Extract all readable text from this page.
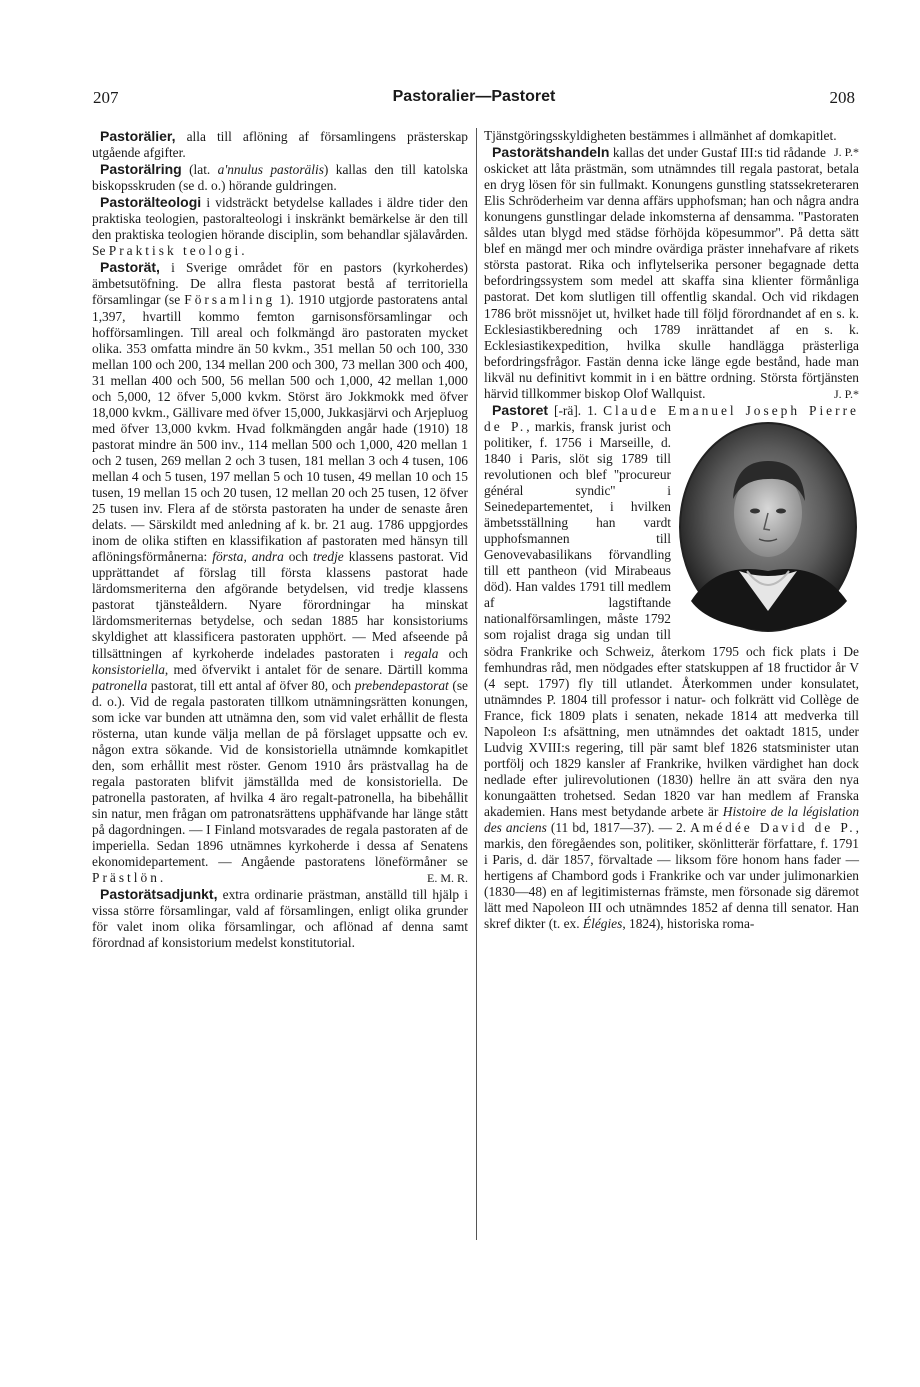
207	Pastoralier—Pastoret	208

Pastorälier, alla till aflöning af församlingens prästerskap utgående afgifter.

Pastorälring (lat. a'nnulus pastorälis) kallas den till katolska biskopsskruden (se d. o.) hörande guldringen.

Pastorälteologi i vidsträckt betydelse kallades i äldre tider den praktiska teologien, pastoralteologi i inskränkt bemärkelse är den till den praktiska teologien hörande disciplin, som behandlar själavården. Se Praktisk teologi.

Pastorät, i Sverige området för en pastors (kyrkoherdes) ämbetsutöfning. De allra flesta pastorat bestå af territoriella församlingar (se Församling 1). 1910 utgjorde pastoratens antal 1,397, hvartill kommo femton garnisonsförsamlingar och hofförsamlingen. Till areal och folkmängd äro pastoraten mycket olika. 353 omfatta mindre än 50 kvkm., 351 mellan 50 och 100, 330 mellan 100 och 200, 134 mellan 200 och 300, 73 mellan 300 och 400, 31 mellan 400 och 500, 56 mellan 500 och 1,000, 42 mellan 1,000 och 5,000, 12 öfver 5,000 kvkm. Störst äro Jokkmokk med öfver 18,000 kvkm., Gällivare med öfver 15,000, Jukkasjärvi och Arjepluog med öfver 13,000 kvkm. Hvad folkmängden angår hade (1910) 18 pastorat mindre än 500 inv., 114 mellan 500 och 1,000, 420 mellan 1 och 2 tusen, 269 mellan 2 och 3 tusen, 181 mellan 3 och 4 tusen, 106 mellan 4 och 5 tusen, 197 mellan 5 och 10 tusen, 49 mellan 10 och 15 tusen, 19 mellan 15 och 20 tusen, 12 mellan 20 och 25 tusen, 12 öfver 25 tusen inv. Flera af de största pastoraten ha under de senaste åren delats. — Särskildt med anledning af k. br. 21 aug. 1786 uppgjordes inom de olika stiften en klassifikation af pastoraten med hänsyn till aflöningsförmånerna: första, andra och tredje klassens pastorat. Vid upprättandet af förslag till första klassens pastorat hade lärdomsmeriterna den afgörande betydelsen, vid tredje klassens pastorat tjänsteåldern. Nyare förordningar ha minskat lärdomsmeriternas betydelse, och sedan 1885 har konsistoriums skyldighet att klassificera pastoraten upphört. — Med afseende på tillsättningen af kyrkoherde indelades pastoraten i regala och konsistoriella, med öfvervikt i antalet för de senare. Därtill komma patronella pastorat, till ett antal af öfver 80, och prebendepastorat (se d. o.). Vid de regala pastoraten tillkom utnämningsrätten konungen, som icke var bunden att utnämna den, som vid valet erhållit de flesta rösterna, utan kunde välja mellan de på förslaget uppsatte och ev. någon extra sökande. Vid de konsistoriella utnämnde komkapitlet den, som erhållit mest röster. Genom 1910 års prästvallag ha de regala pastoraten blifvit jämställda med de konsistoriella. De patronella pastoraten, af hvilka 4 äro regalt-patronella, ha bibehållit sin natur, men frågan om patronatsrättens upphäfvande har länge stått på dagordningen. — I Finland motsvarades de regala pastoraten af de imperiella. Sedan 1896 utnämnes kyrkoherde i dessa af Senatens ekonomidepartement. — Angående pastoratens löneförmåner se Prästlön.	E. M. R.

Pastorätsadjunkt, extra ordinarie prästman, anställd till hjälp i vissa större församlingar, vald af församlingen, enligt olika grunder för valet inom olika församlingar, och aflönad af denna samt förordnad af konsistorium medelst konstitutorial.

Tjänstgöringsskyldigheten bestämmes i allmänhet af domkapitlet.
J. P.*

Pastorätshandeln kallas det under Gustaf III:s tid rådande oskicket att låta prästmän, som utnämndes till regala pastorat, betala en dryg lösen för sin fullmakt. Konungens gunstling statssekreteraren Elis Schröderheim var denna affärs upphofsman; han och några andra konungens gunstlingar delade inkomsterna af densamma. ''Pastoraten såldes utan blygd med städse förhöjda köpesummor''. På detta sätt blef en mängd mer och mindre ovärdiga präster innehafvare af rikets största pastorat. Rika och inflytelserika personer begagnade detta befordringssystem som medel att skaffa sina klienter förmånliga pastorat. Det kom slutligen till offentlig skandal. Och vid rikdagen 1786 bröt missnöjet ut, hvilket hade till följd förordnandet af en s. k. Ecklesiastikberedning och 1789 inrättandet af en s. k. Ecklesiastikexpedition, hvilka skulle handlägga prästerliga befordringsfrågor. Fastän denna icke länge egde bestånd, hade man likväl nu definitivt kommit in i en bättre ordning. Största förtjänsten härvid tillkommer biskop Olof Wallquist.	J. P.*

Pastoret [-rä]. 1. Claude Emanuel Joseph Pierre de P.
, markis, fransk jurist och politiker, f. 1756 i Marseille, d. 1840 i Paris, slöt sig 1789 till revolutionen och blef ''procureur général syndic'' i Seinedepartementet, i hvilken ämbetsställning han vardt upphofsmannen till Genovevabasilikans förvandling till ett pantheon (vid Mirabeaus död). Han valdes 1791 till medlem af lagstiftande nationalförsamlingen, måste 1792 som rojalist draga sig undan till södra Frankrike och Schweiz, återkom 1795 och fick plats i De femhundras råd, men nödgades efter statskuppen af 18 fructidor år V (4 sept. 1797) fly till utlandet. Återkommen under konsulatet, utnämndes P. 1804 till professor i natur- och folkrätt vid Collège de France, fick 1809 plats i senaten, nekade 1814 att medverka till Napoleon I:s afsättning, men utnämndes det oaktadt 1815, under Ludvig XVIII:s regering, till pär samt blef 1826 statsminister utan portfölj och 1829 kansler af Frankrike, hvilken värdighet han dock nedlade efter julirevolutionen (1830) hellre än att svära den nya konungaätten trohetsed. Sedan 1820 var han medlem af Franska akademien. Hans mest betydande arbete är Histoire de la législation des anciens (11 bd, 1817—37). — 2. Amédée David de P., markis, den föregåendes son, politiker, skönlitterär författare, f. 1791 i Paris, d. där 1857, förvaltade — liksom före honom hans fader — hertigens af Chambord gods i Frankrike och var under julimonarkien (1830—48) en af legitimisternas främste, men försonade sig däremot lätt med Napoleon III och utnämndes 1852 af denna till senator. Han skref dikter (t. ex. Élégies, 1824), historiska roma-
